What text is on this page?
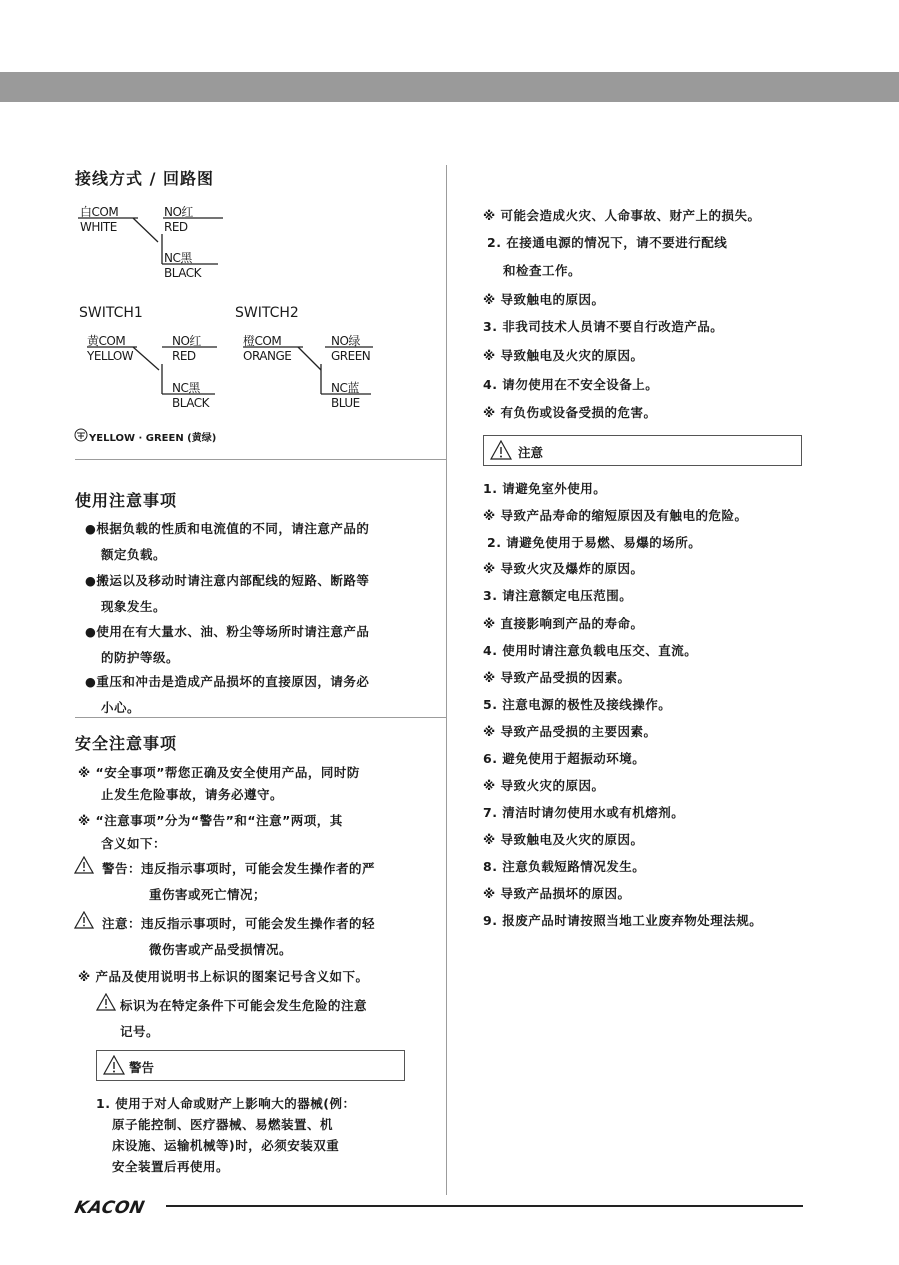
接线方式 / 回路图
白COM
WHITE
NO红
RED
NC黑
BLACK
SWITCH1
黄COM
YELLOW
NO红
RED
NC黑
BLACK
SWITCH2
橙COM
ORANGE
NO绿
GREEN
NC蓝
BLUE
YELLOW · GREEN (黄绿)
使用注意事项
●根据负载的性质和电流值的不同，请注意产品的
额定负载。
●搬运以及移动时请注意内部配线的短路、断路等
现象发生。
●使用在有大量水、油、粉尘等场所时请注意产品
的防护等级。
●重压和冲击是造成产品损坏的直接原因，请务必
小心。
安全注意事项
※ “安全事项”帮您正确及安全使用产品，同时防
止发生危险事故，请务必遵守。
※ “注意事项”分为“警告”和“注意”两项，其
含义如下：
警告：违反指示事项时，可能会发生操作者的严
重伤害或死亡情况；
注意：违反指示事项时，可能会发生操作者的轻
微伤害或产品受损情况。
※ 产品及使用说明书上标识的图案记号含义如下。
标识为在特定条件下可能会发生危险的注意
记号。
警告
1. 使用于对人命或财产上影响大的器械(例：
原子能控制、医疗器械、易燃装置、机
床设施、运输机械等)时，必须安装双重
安全装置后再使用。
※ 可能会造成火灾、人命事故、财产上的损失。
2. 在接通电源的情况下，请不要进行配线
和检查工作。
※ 导致触电的原因。
3. 非我司技术人员请不要自行改造产品。
※ 导致触电及火灾的原因。
4. 请勿使用在不安全设备上。
※ 有负伤或设备受损的危害。
注意
1. 请避免室外使用。
※ 导致产品寿命的缩短原因及有触电的危险。
2. 请避免使用于易燃、易爆的场所。
※ 导致火灾及爆炸的原因。
3. 请注意额定电压范围。
※ 直接影响到产品的寿命。
4. 使用时请注意负载电压交、直流。
※ 导致产品受损的因素。
5. 注意电源的极性及接线操作。
※ 导致产品受损的主要因素。
6. 避免使用于超振动环境。
※ 导致火灾的原因。
7. 清洁时请勿使用水或有机熔剂。
※ 导致触电及火灾的原因。
8. 注意负载短路情况发生。
※ 导致产品损坏的原因。
9. 报废产品时请按照当地工业废弃物处理法规。
KACON
